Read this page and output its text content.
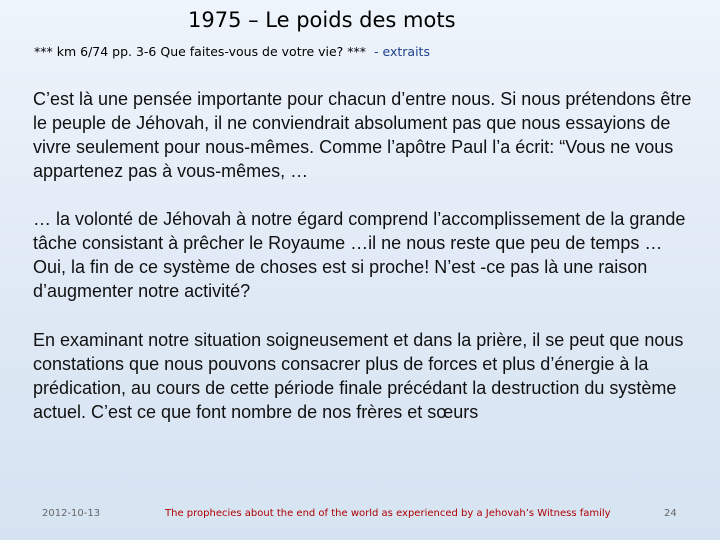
1975 – Le poids des mots
*** km 6/74 pp. 3-6 Que faites-vous de votre vie? *** - extraits
C’est là une pensée importante pour chacun d’entre nous. Si nous prétendons être le peuple de Jéhovah, il ne conviendrait absolument pas que nous essayions de vivre seulement pour nous-mêmes. Comme l’apôtre Paul l’a écrit: “Vous ne vous appartenez pas à vous-mêmes, …
… la volonté de Jéhovah à notre égard comprend l’accomplissement de la grande tâche consistant à prêcher le Royaume …il ne nous reste que peu de temps … Oui, la fin de ce système de choses est si proche! N’est -ce pas là une raison d’augmenter notre activité?
En examinant notre situation soigneusement et dans la prière, il se peut que nous constations que nous pouvons consacrer plus de forces et plus d’énergie à la prédication, au cours de cette période finale précédant la destruction du système actuel. C’est ce que font nombre de nos frères et sœurs
2012-10-13	The prophecies about the end of the world as experienced by a Jehovah’s Witness family	24
